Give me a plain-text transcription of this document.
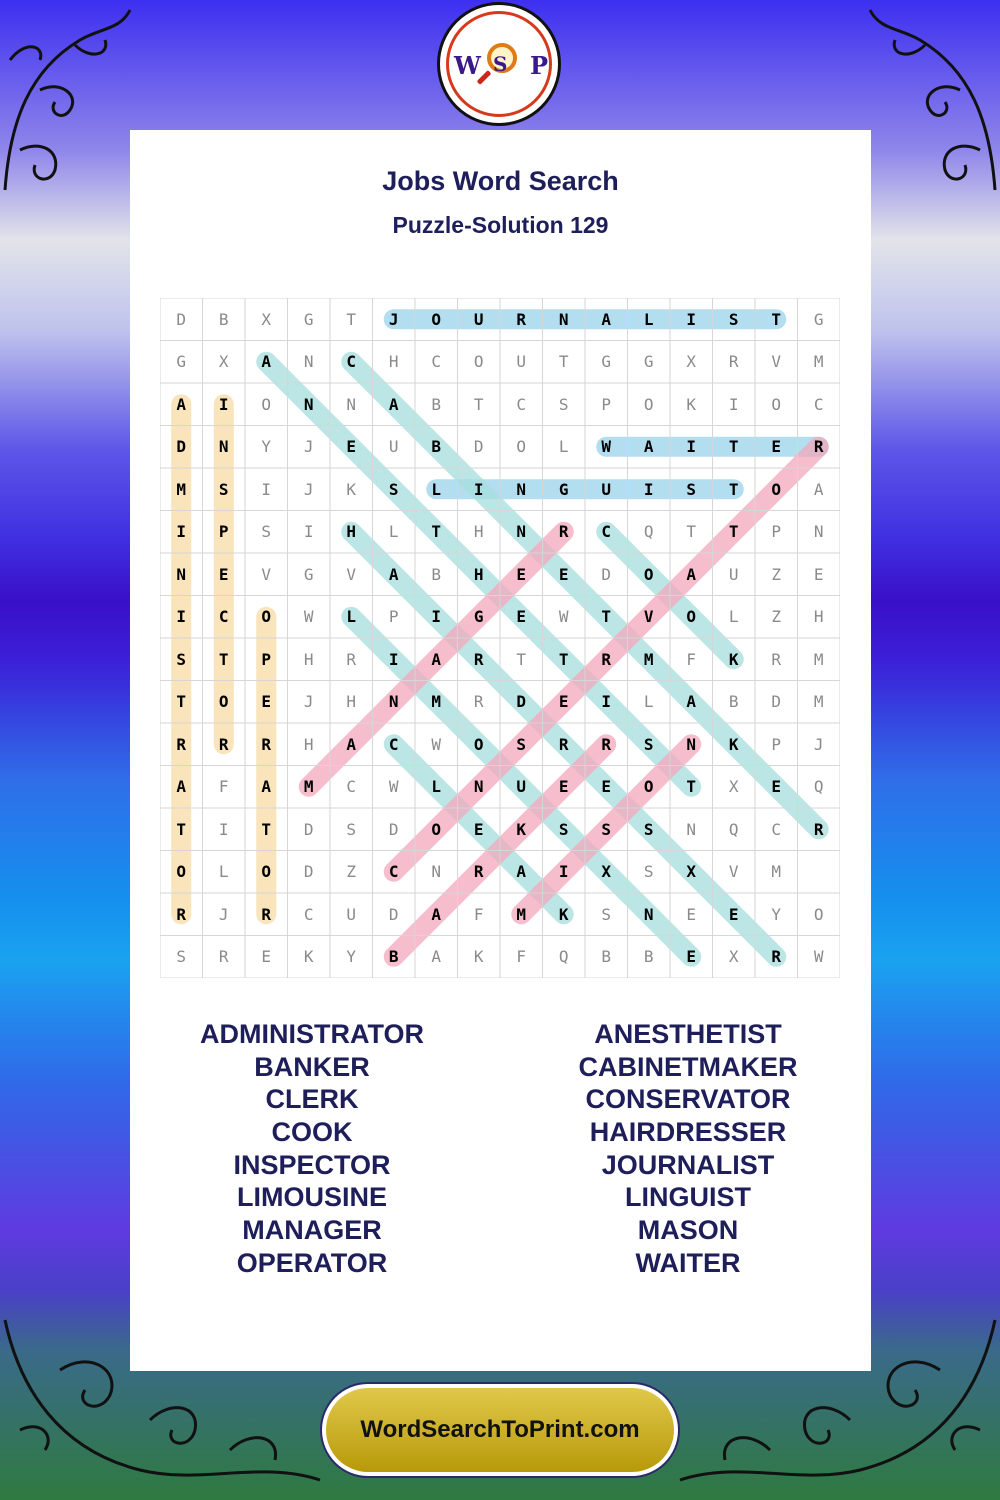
W S P
Jobs Word Search
Puzzle-Solution 129
D	B	X	G	T	J	O	U	R	N	A	L	I	S	T	G
G	X	A	N	C	H	C	O	U	T	G	G	X	R	V	M
A	I	O	N	N	A	B	T	C	S	P	O	K	I	O	C
D	N	Y	J	E	U	B	D	O	L	W	A	I	T	E	R
M	S	I	J	K	S	L	I	N	G	U	I	S	T	O	A
I	P	S	I	H	L	T	H	N	R	C	Q	T	T	P	N
N	E	V	G	V	A	B	H	E	E	D	O	A	U	Z	E
I	C	O	W	L	P	I	G	E	W	T	V	O	L	Z	H
S	T	P	H	R	I	A	R	T	T	R	M	F	K	R	M
T	O	E	J	H	N	M	R	D	E	I	L	A	B	D	M
R	R	R	H	A	C	W	O	S	R	R	S	N	K	P	J
A	F	A	M	C	W	L	N	U	E	E	O	T	X	E	Q
T	I	T	D	S	D	O	E	K	S	S	S	N	Q	C	R
O	L	O	D	Z	C	N	R	A	I	X	S	X	V	M
R	J	R	C	U	D	A	F	M	K	S	N	E	E	Y	O
S	R	E	K	Y	B	A	K	F	Q	B	B	E	X	R	W
ADMINISTRATOR
BANKER
CLERK
COOK
INSPECTOR
LIMOUSINE
MANAGER
OPERATOR
ANESTHETIST
CABINETMAKER
CONSERVATOR
HAIRDRESSER
JOURNALIST
LINGUIST
MASON
WAITER
WordSearchToPrint.com
